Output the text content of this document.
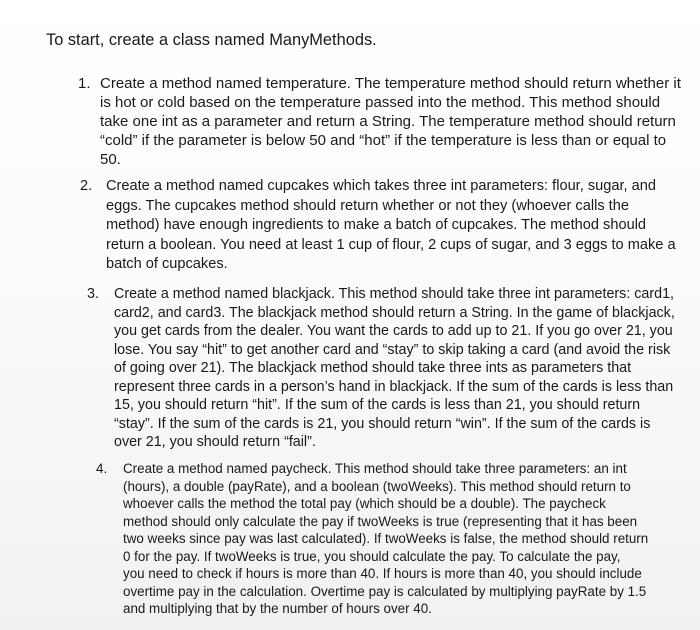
To start, create a class named ManyMethods.

1. Create a method named temperature. The temperature method should return whether it
is hot or cold based on the temperature passed into the method. This method should
take one int as a parameter and return a String. The temperature method should return
“cold” if the parameter is below 50 and “hot” if the temperature is less than or equal to
50.
2. Create a method named cupcakes which takes three int parameters: flour, sugar, and
eggs. The cupcakes method should return whether or not they (whoever calls the
method) have enough ingredients to make a batch of cupcakes. The method should
return a boolean. You need at least 1 cup of flour, 2 cups of sugar, and 3 eggs to make a
batch of cupcakes.
3. Create a method named blackjack. This method should take three int parameters: card1,
card2, and card3. The blackjack method should return a String. In the game of blackjack,
you get cards from the dealer. You want the cards to add up to 21. If you go over 21, you
lose. You say “hit” to get another card and “stay” to skip taking a card (and avoid the risk
of going over 21). The blackjack method should take three ints as parameters that
represent three cards in a person’s hand in blackjack. If the sum of the cards is less than
15, you should return “hit”. If the sum of the cards is less than 21, you should return
“stay”. If the sum of the cards is 21, you should return “win”. If the sum of the cards is
over 21, you should return “fail”.
4. Create a method named paycheck. This method should take three parameters: an int
(hours), a double (payRate), and a boolean (twoWeeks). This method should return to
whoever calls the method the total pay (which should be a double). The paycheck
method should only calculate the pay if twoWeeks is true (representing that it has been
two weeks since pay was last calculated). If twoWeeks is false, the method should return
0 for the pay. If twoWeeks is true, you should calculate the pay. To calculate the pay,
you need to check if hours is more than 40. If hours is more than 40, you should include
overtime pay in the calculation. Overtime pay is calculated by multiplying payRate by 1.5
and multiplying that by the number of hours over 40.
